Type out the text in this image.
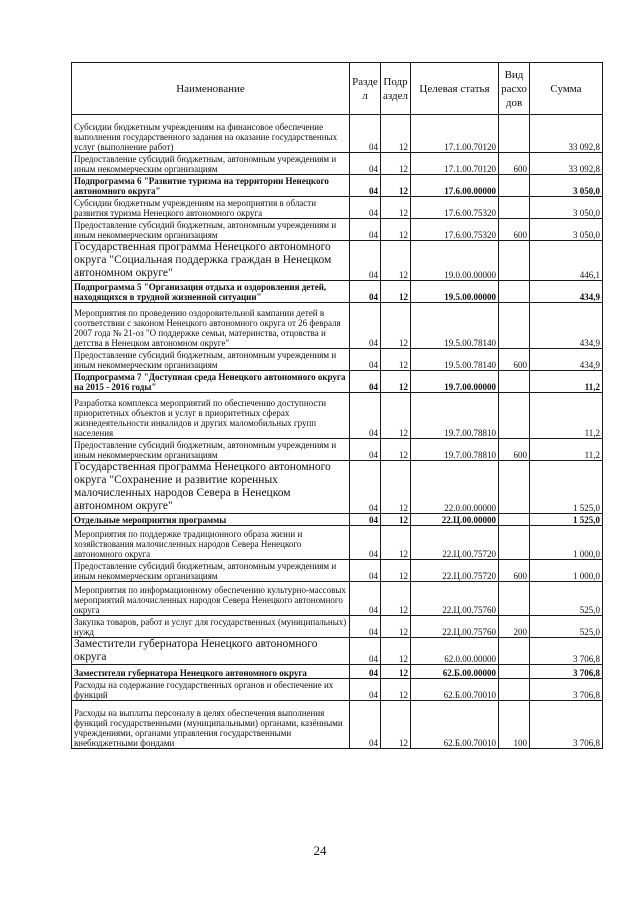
Наименование	Разде л	Подр аздел	Целевая статья	Вид расхо дов	Сумма
Субсидии бюджетным учреждениям на финансовое обеспечение выполнения государственного задания на оказание государственных услуг (выполнение работ)	04	12	17.1.00.70120		33 092,8
Предоставление субсидий бюджетным, автономным учреждениям и иным некоммерческим организациям	04	12	17.1.00.70120	600	33 092,8
Подпрограмма 6 "Развитие туризма на территории Ненецкого автономного округа"	04	12	17.6.00.00000		3 050,0
Субсидии бюджетным учреждениям на мероприятия в области развития туризма Ненецкого автономного округа	04	12	17.6.00.75320		3 050,0
Предоставление субсидий бюджетным, автономным учреждениям и иным некоммерческим организациям	04	12	17.6.00.75320	600	3 050,0
Государственная программа Ненецкого автономного округа "Социальная поддержка граждан в Ненецком автономном округе"	04	12	19.0.00.00000		446,1
Подпрограмма 5 "Организация отдыха и оздоровления детей, находящихся в трудной жизненной ситуации"	04	12	19.5.00.00000		434,9
Мероприятия по проведению оздоровительной кампании детей в соответствии с законом Ненецкого автономного округа от 26 февраля 2007 года № 21-оз "О поддержке семьи, материнства, отцовства и детства в Ненецком автономном округе"	04	12	19.5.00.78140		434,9
Предоставление субсидий бюджетным, автономным учреждениям и иным некоммерческим организациям	04	12	19.5.00.78140	600	434,9
Подпрограмма 7 "Доступная среда Ненецкого автономного округа на 2015 - 2016 годы"	04	12	19.7.00.00000		11,2
Разработка комплекса мероприятий по обеспечению доступности приоритетных объектов и услуг в приоритетных сферах жизнедеятельности инвалидов и других маломобильных групп населения	04	12	19.7.00.78810		11,2
Предоставление субсидий бюджетным, автономным учреждениям и иным некоммерческим организациям	04	12	19.7.00.78810	600	11,2
Государственная программа Ненецкого автономного округа "Сохранение и развитие коренных малочисленных народов Севера в Ненецком автономном округе"	04	12	22.0.00.00000		1 525,0
Отдельные мероприятия программы	04	12	22.Ц.00.00000		1 525,0
Мероприятия по поддержке традиционного образа жизни и хозяйствования малочисленных народов Севера Ненецкого автономного округа	04	12	22.Ц.00.75720		1 000,0
Предоставление субсидий бюджетным, автономным учреждениям и иным некоммерческим организациям	04	12	22.Ц.00.75720	600	1 000,0
Мероприятия по информационному обеспечению культурно-массовых мероприятий малочисленных народов Севера Ненецкого автономного округа	04	12	22.Ц.00.75760		525,0
Закупка товаров, работ и услуг для государственных (муниципальных) нужд	04	12	22.Ц.00.75760	200	525,0
Заместители губернатора Ненецкого автономного округа	04	12	62.0.00.00000		3 706,8
Заместители губернатора Ненецкого автономного округа	04	12	62.Б.00.00000		3 706,8
Расходы на содержание государственных органов и обеспечение их функций	04	12	62.Б.00.70010		3 706,8
Расходы на выплаты персоналу в целях обеспечения выполнения функций государственными (муниципальными) органами, казёнными учреждениями, органами управления государственными внебюджетными фондами	04	12	62.Б.00.70010	100	3 706,8
24
